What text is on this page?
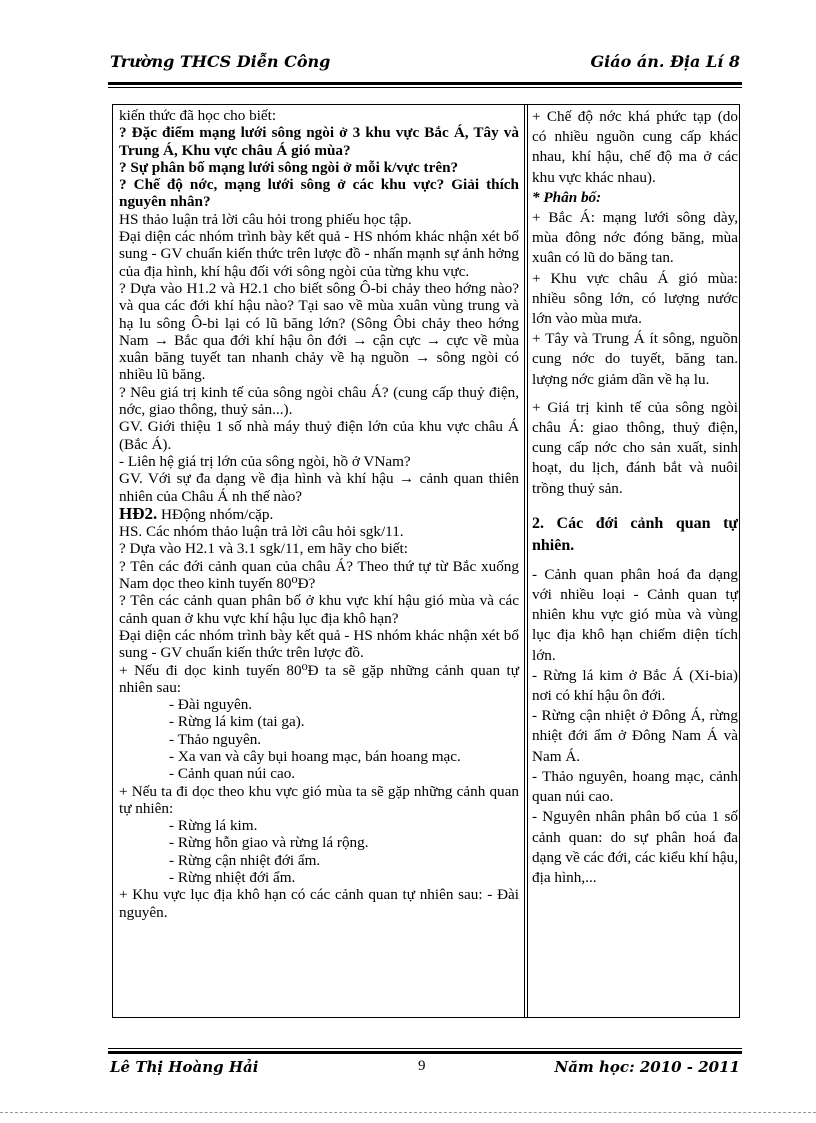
Trường THCS Diễn Công	Giáo án. Địa Lí 8

kiến thức đã học cho biết:

? Đặc điểm mạng lưới sông ngòi ở 3 khu vực Bắc Á, Tây và Trung Á, Khu vực châu Á gió mùa?

? Sự phân bố mạng lưới sông ngòi ở mỗi k/vực trên?

? Chế độ nớc, mạng lưới sông ở các khu vực? Giải thích nguyên nhân?

HS thảo luận trả lời câu hỏi trong phiếu học tập.

Đại diện các nhóm trình bày kết quả - HS nhóm khác nhận xét bổ sung - GV chuẩn kiến thức trên lược đồ - nhấn mạnh sự ảnh hởng của địa hình, khí hậu đối với sông ngòi của từng khu vực.

? Dựa vào H1.2 và H2.1 cho biết sông Ô-bi chảy theo hớng nào? và qua các đới khí hậu nào? Tại sao về mùa xuân vùng trung và hạ lu sông Ô-bi lại có lũ băng lớn? (Sông Ôbi chảy theo hớng Nam → Bắc qua đới khí hậu ôn đới → cận cực → cực về mùa xuân băng tuyết tan nhanh chảy về hạ nguồn → sông ngòi có nhiều lũ băng.

? Nêu giá trị kinh tế của sông ngòi châu Á? (cung cấp thuỷ điện, nớc, giao thông, thuỷ sản...).

GV. Giới thiệu 1 số nhà máy thuỷ điện lớn của khu vực châu Á (Bắc Á).

- Liên hệ giá trị lớn của sông ngòi, hồ ở VNam?

GV. Với sự đa dạng về địa hình và khí hậu → cảnh quan thiên nhiên của Châu Á nh thế nào?

HĐ2. HĐộng nhóm/cặp.

HS. Các nhóm thảo luận trả lời câu hỏi sgk/11.

? Dựa vào H2.1 và 3.1 sgk/11, em hãy cho biết:

? Tên các đới cảnh quan của châu Á? Theo thứ tự từ Bắc xuống Nam dọc theo kinh tuyến 80⁰Đ?

? Tên các cảnh quan phân bố ở khu vực khí hậu gió mùa và các cảnh quan ở khu vực khí hậu lục địa khô hạn?

Đại diện các nhóm trình bày kết quả - HS nhóm khác nhận xét bổ sung - GV chuẩn kiến thức trên lược đồ.

+ Nếu đi dọc kinh tuyến 80⁰Đ ta sẽ gặp những cảnh quan tự nhiên sau:

- Đài nguyên.

- Rừng lá kim (tai ga).

- Thảo nguyên.

- Xa van và cây bụi hoang mạc, bán hoang mạc.

- Cảnh quan núi cao.

+ Nếu ta đi dọc theo khu vực gió mùa ta sẽ gặp những cảnh quan tự nhiên:

- Rừng lá kim.

- Rừng hỗn giao và rừng lá rộng.

- Rừng cận nhiệt đới ẩm.

- Rừng nhiệt đới ẩm.

+ Khu vực lục địa khô hạn có các cảnh quan tự nhiên sau: - Đài nguyên.

+ Chế độ nớc khá phức tạp (do có nhiều nguồn cung cấp khác nhau, khí hậu, chế độ ma ở các khu vực khác nhau).

* Phân bố:

+ Bắc Á: mạng lưới sông dày, mùa đông nớc đóng băng, mùa xuân có lũ do băng tan.

+ Khu vực châu Á gió mùa: nhiều sông lớn, có lượng nước lớn vào mùa mưa.

+ Tây và Trung Á ít sông, nguồn cung nớc do tuyết, băng tan. lượng nớc giảm dần về hạ lu.

+ Giá trị kinh tế của sông ngòi châu Á: giao thông, thuỷ điện, cung cấp nớc cho sản xuất, sinh hoạt, du lịch, đánh bắt và nuôi trồng thuỷ sản.

2. Các đới cảnh quan tự nhiên.

- Cảnh quan phân hoá đa dạng với nhiều loại - Cảnh quan tự nhiên khu vực gió mùa và vùng lục địa khô hạn chiếm diện tích lớn.

- Rừng lá kim ở Bắc Á (Xi-bia) nơi có khí hậu ôn đới.

- Rừng cận nhiệt ở Đông Á, rừng nhiệt đới ẩm ở Đông Nam Á và Nam Á.

- Thảo nguyên, hoang mạc, cảnh quan núi cao.

- Nguyên nhân phân bố của 1 số cảnh quan: do sự phân hoá đa dạng về các đới, các kiểu khí hậu, địa hình,...

Lê Thị Hoàng Hải	9	Năm học: 2010 - 2011
